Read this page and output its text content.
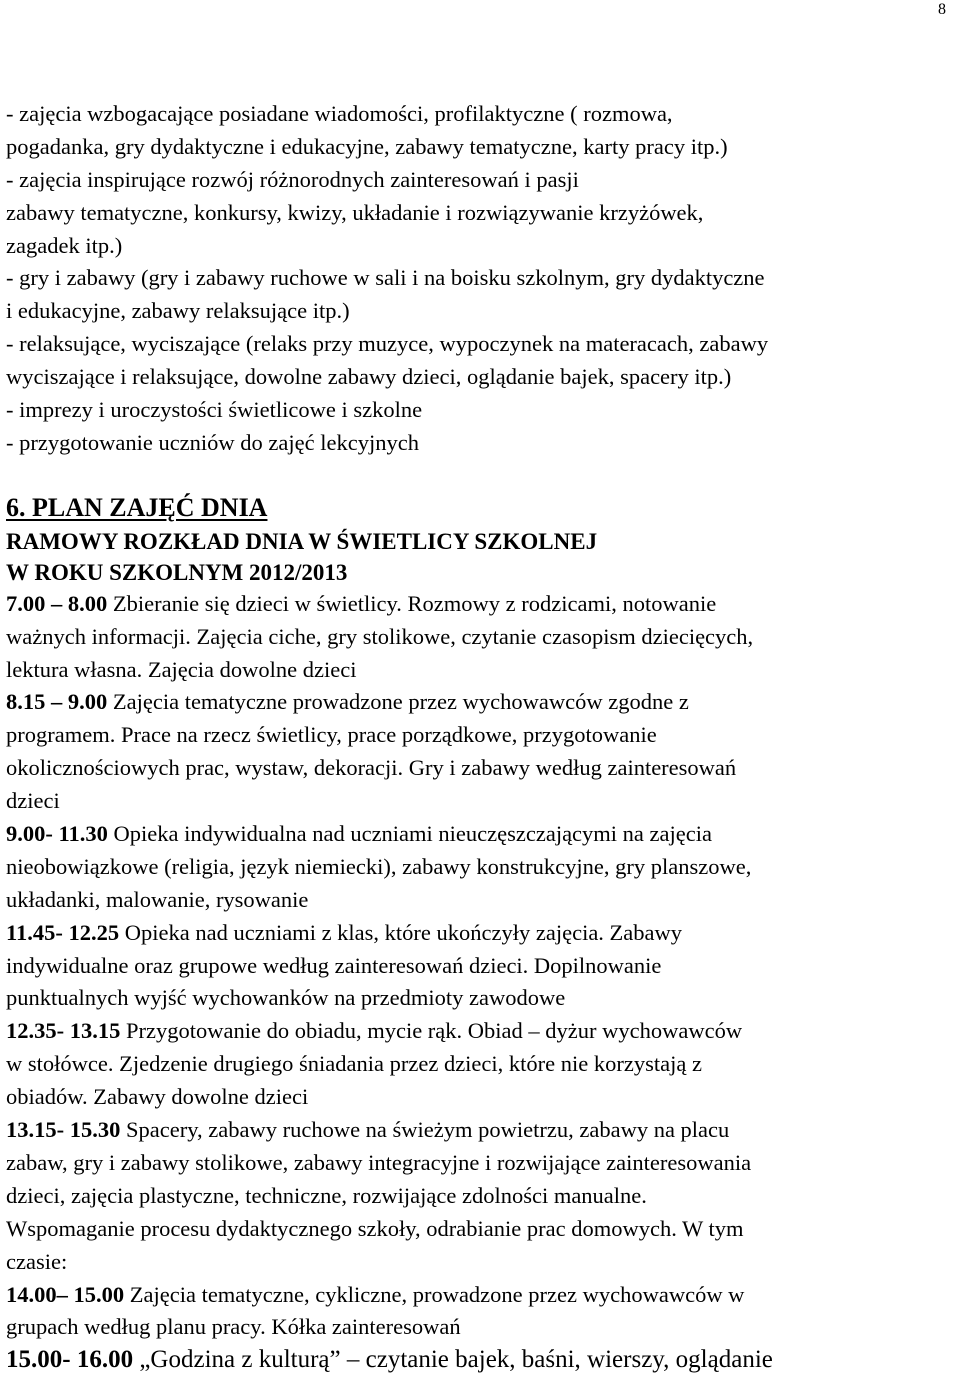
8
- zajęcia wzbogacające posiadane wiadomości, profilaktyczne ( rozmowa,
pogadanka, gry dydaktyczne i edukacyjne, zabawy tematyczne, karty pracy itp.)
- zajęcia inspirujące rozwój różnorodnych zainteresowań i pasji
zabawy tematyczne, konkursy, kwizy, układanie i rozwiązywanie krzyżówek,
zagadek itp.)
- gry i zabawy (gry i zabawy ruchowe w sali i na boisku szkolnym, gry dydaktyczne
i edukacyjne, zabawy relaksujące itp.)
- relaksujące, wyciszające (relaks przy muzyce, wypoczynek na materacach, zabawy
wyciszające i relaksujące, dowolne zabawy dzieci, oglądanie bajek, spacery itp.)
- imprezy i uroczystości świetlicowe i szkolne
- przygotowanie uczniów do zajęć lekcyjnych
6. PLAN ZAJĘĆ DNIA
RAMOWY ROZKŁAD DNIA W ŚWIETLICY SZKOLNEJ
W ROKU SZKOLNYM 2012/2013
7.00 – 8.00 Zbieranie się dzieci w świetlicy. Rozmowy z rodzicami, notowanie
ważnych informacji. Zajęcia ciche, gry stolikowe, czytanie czasopism dziecięcych,
lektura własna. Zajęcia dowolne dzieci
8.15 – 9.00 Zajęcia tematyczne prowadzone przez wychowawców zgodne z
programem. Prace na rzecz świetlicy, prace porządkowe, przygotowanie
okolicznościowych prac, wystaw, dekoracji. Gry i zabawy według zainteresowań
dzieci
9.00- 11.30 Opieka indywidualna nad uczniami nieuczęszczającymi na zajęcia
nieobowiązkowe (religia, język niemiecki), zabawy konstrukcyjne, gry planszowe,
układanki, malowanie, rysowanie
11.45- 12.25 Opieka nad uczniami z klas, które ukończyły zajęcia. Zabawy
indywidualne oraz grupowe według zainteresowań dzieci. Dopilnowanie
punktualnych wyjść wychowanków na przedmioty zawodowe
12.35- 13.15 Przygotowanie do obiadu, mycie rąk. Obiad – dyżur wychowawców
w stołówce. Zjedzenie drugiego śniadania przez dzieci, które nie korzystają z
obiadów. Zabawy dowolne dzieci
13.15- 15.30 Spacery, zabawy ruchowe na świeżym powietrzu, zabawy na placu
zabaw, gry i zabawy stolikowe, zabawy integracyjne i rozwijające zainteresowania
dzieci, zajęcia plastyczne, techniczne, rozwijające zdolności manualne.
Wspomaganie procesu dydaktycznego szkoły, odrabianie prac domowych. W tym
czasie:
14.00– 15.00 Zajęcia tematyczne, cykliczne, prowadzone przez wychowawców w
grupach według planu pracy. Kółka zainteresowań
15.00- 16.00 „Godzina z kulturą” – czytanie bajek, baśni, wierszy, oglądanie
